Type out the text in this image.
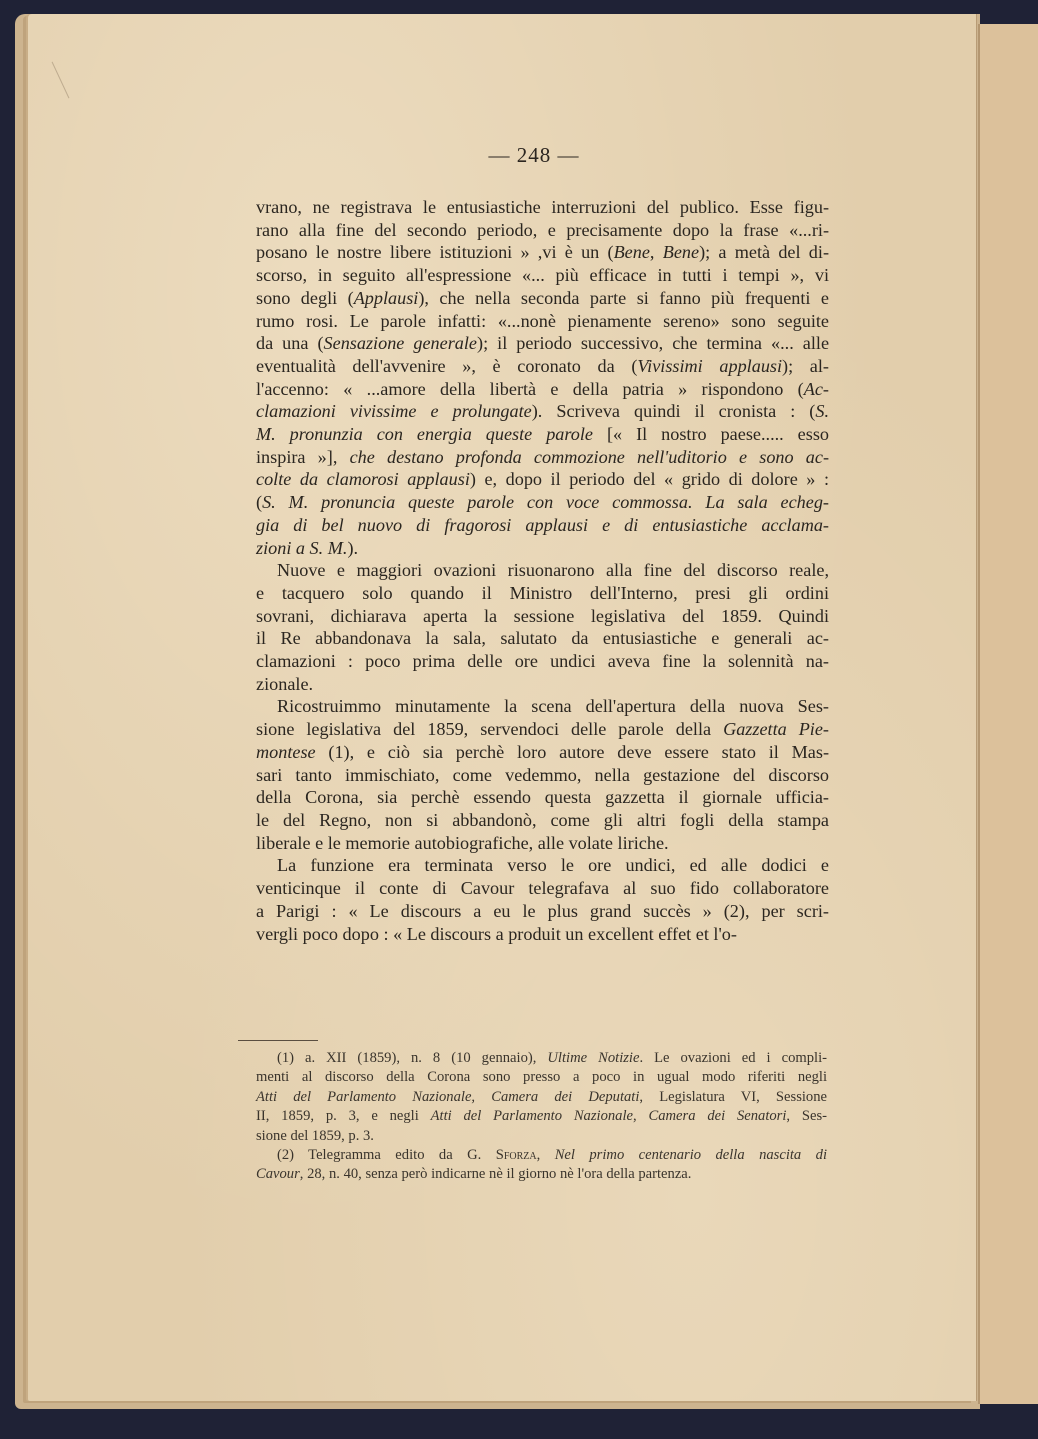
— 248 —

vrano, ne registrava le entusiastiche interruzioni del publico. Esse figu-
rano alla fine del secondo periodo, e precisamente dopo la frase «...ri-
posano le nostre libere istituzioni » ,vi è un (Bene, Bene); a metà del di-
scorso, in seguito all'espressione «... più efficace in tutti i tempi », vi
sono degli (Applausi), che nella seconda parte si fanno più frequenti e
rumo rosi. Le parole infatti: «...nonè pienamente sereno» sono seguite
da una (Sensazione generale); il periodo successivo, che termina «... alle
eventualità dell'avvenire », è coronato da (Vivissimi applausi); al-
l'accenno: « ...amore della libertà e della patria » rispondono (Ac-
clamazioni vivissime e prolungate). Scriveva quindi il cronista : (S.
M. pronunzia con energia queste parole [« Il nostro paese..... esso
inspira »], che destano profonda commozione nell'uditorio e sono ac-
colte da clamorosi applausi) e, dopo il periodo del « grido di dolore » :
(S. M. pronuncia queste parole con voce commossa. La sala echeg-
gia di bel nuovo di fragorosi applausi e di entusiastiche acclama-
zioni a S. M.).

Nuove e maggiori ovazioni risuonarono alla fine del discorso reale,
e tacquero solo quando il Ministro dell'Interno, presi gli ordini
sovrani, dichiarava aperta la sessione legislativa del 1859. Quindi
il Re abbandonava la sala, salutato da entusiastiche e generali ac-
clamazioni : poco prima delle ore undici aveva fine la solennità na-
zionale.

Ricostruimmo minutamente la scena dell'apertura della nuova Ses-
sione legislativa del 1859, servendoci delle parole della Gazzetta Pie-
montese (1), e ciò sia perchè loro autore deve essere stato il Mas-
sari tanto immischiato, come vedemmo, nella gestazione del discorso
della Corona, sia perchè essendo questa gazzetta il giornale ufficia-
le del Regno, non si abbandonò, come gli altri fogli della stampa
liberale e le memorie autobiografiche, alle volate liriche.

La funzione era terminata verso le ore undici, ed alle dodici e
venticinque il conte di Cavour telegrafava al suo fido collaboratore
a Parigi : « Le discours a eu le plus grand succès » (2), per scri-
vergli poco dopo : « Le discours a produit un excellent effet et l'o-

(1) a. XII (1859), n. 8 (10 gennaio), Ultime Notizie. Le ovazioni ed i compli-
menti al discorso della Corona sono presso a poco in ugual modo riferiti negli
Atti del Parlamento Nazionale, Camera dei Deputati, Legislatura VI, Sessione
II, 1859, p. 3, e negli Atti del Parlamento Nazionale, Camera dei Senatori, Ses-
sione del 1859, p. 3.
(2) Telegramma edito da G. Sforza, Nel primo centenario della nascita di
Cavour, 28, n. 40, senza però indicarne nè il giorno nè l'ora della partenza.
